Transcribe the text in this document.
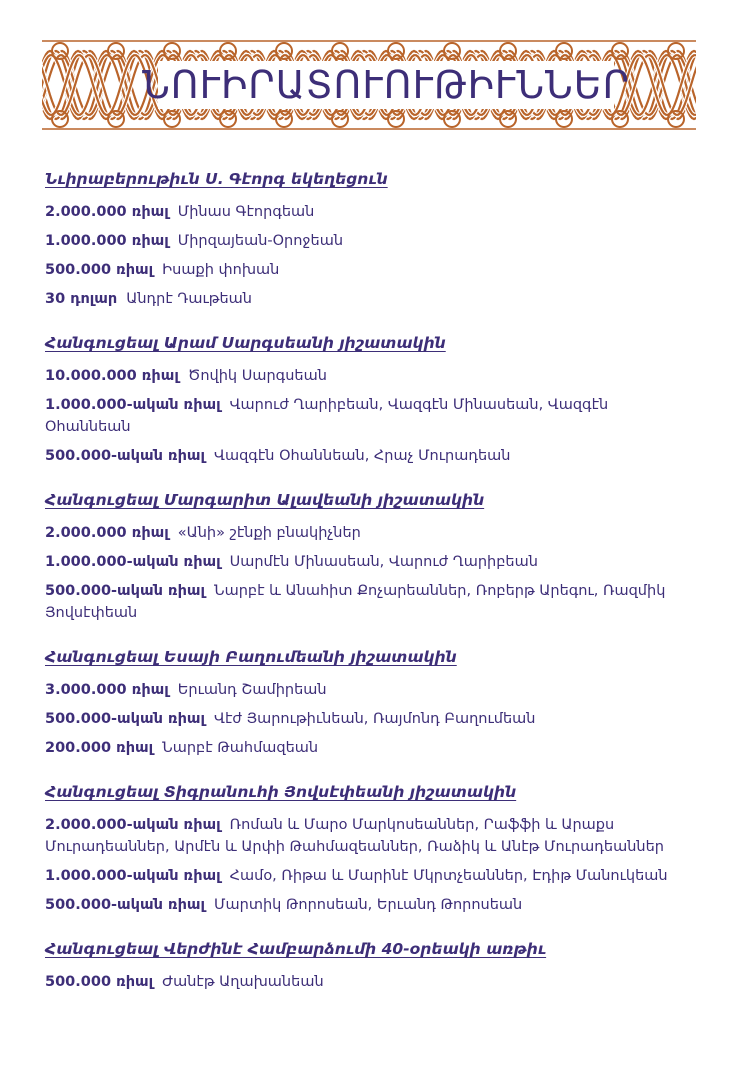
ՆՈՒԻՐԱՏՈՒՈՒԹԻՒՆՆԵՐ
Նւիրաբերութիւն Ս. Գէորգ եկեղեցուն
2.000.000 ռիալ Մինաս Գէորգեան
1.000.000 ռիալ Միրզայեան-Օրոջեան
500.000 ռիալ Իսաքի փոխան
30 դոլար Անդրէ Դաւթեան
Հանգուցեալ Արամ Սարգսեանի յիշատակին
10.000.000 ռիալ Ծովիկ Սարգսեան
1.000.000-ական ռիալ Վարուժ Ղարիբեան, Վազգէն Մինասեան, Վազգէն Օհաննեան
500.000-ական ռիալ Վազգէն Օհաննեան, Հրաչ Մուրադեան
Հանգուցեալ Մարգարիտ Ալավեանի յիշատակին
2.000.000 ռիալ «Անի» շէնքի բնակիչներ
1.000.000-ական ռիալ Սարմէն Մինասեան, Վարուժ Ղարիբեան
500.000-ական ռիալ Նարբէ և Անահիտ Քոչարեաններ, Ռոբերթ Արեգու, Ռազմիկ Յովսէփեան
Հանգուցեալ Եսայի Բաղումեանի յիշատակին
3.000.000 ռիալ Երւանդ Շամիրեան
500.000-ական ռիալ Վէժ Յարութիւնեան, Ռայմոնդ Բաղումեան
200.000 ռիալ Նարբէ Թահմազեան
Հանգուցեալ Տիգրանուհի Յովսէփեանի յիշատակին
2.000.000-ական ռիալ Ռոման և Մարօ Մարկոսեաններ, Րաֆֆի և Արաքս Մուրադեաններ, Արմէն և Արփի Թահմազեաններ, Ռաձիկ և Անէթ Մուրադեաններ
1.000.000-ական ռիալ Համօ, Ռիթա և Մարինէ Մկրտչեաններ, Էդիթ Մանուկեան
500.000-ական ռիալ Մարտիկ Թորոսեան, Երւանդ Թորոսեան
Հանգուցեալ Վերժինէ Համբարձումի 40-օրեակի առթիւ
500.000 ռիալ Ժանէթ Աղախանեան
